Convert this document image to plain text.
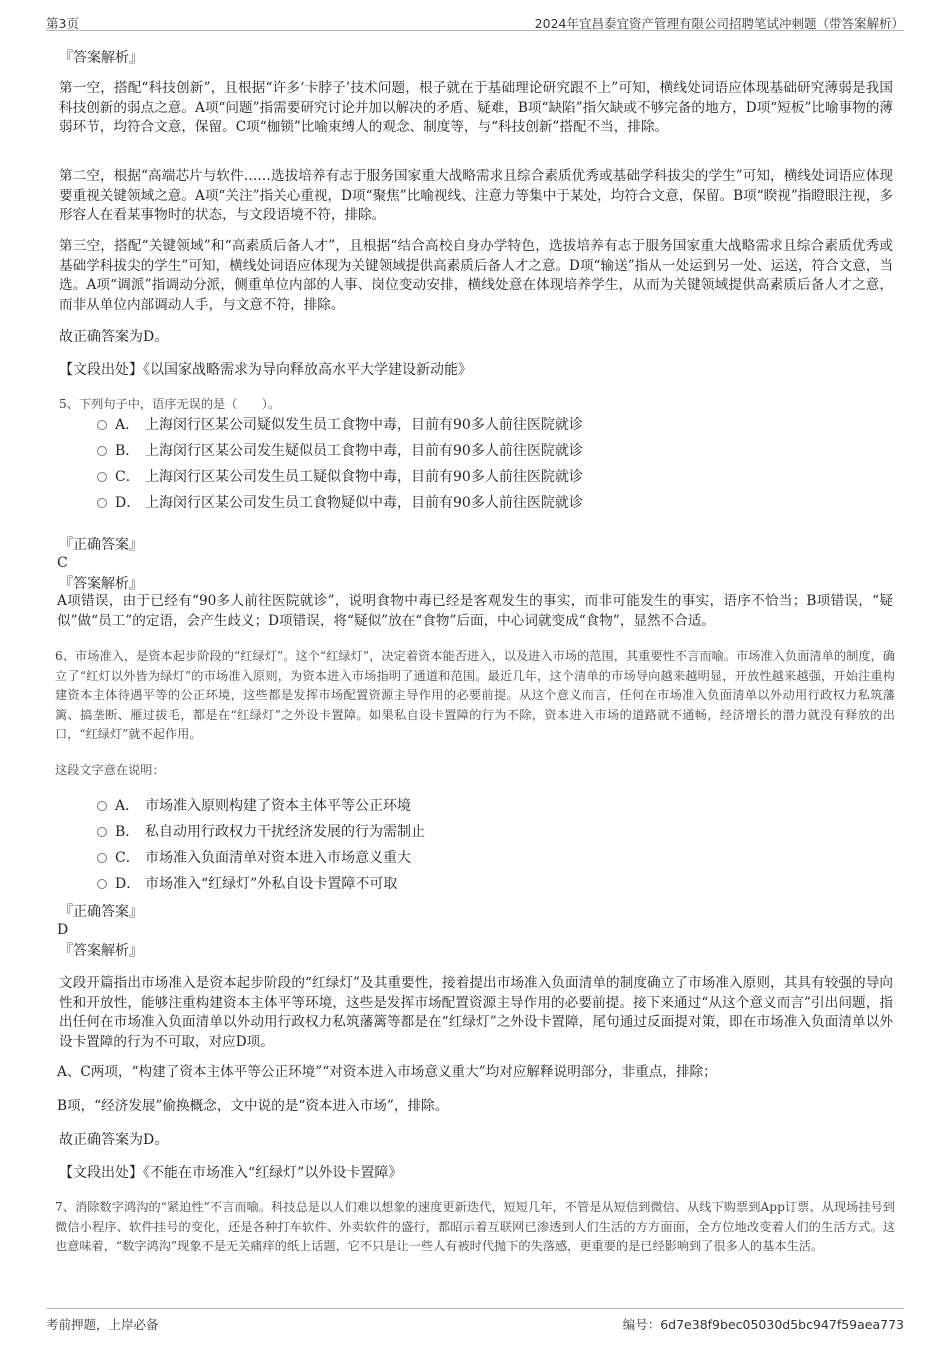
第3页	2024年宜昌泰宜资产管理有限公司招聘笔试冲刺题（带答案解析）
『答案解析』
第一空，搭配“科技创新”，且根据“许多‘卡脖子’技术问题，根子就在于基础理论研究跟不上”可知，横线处词语应体现基础研究薄弱是我国科技创新的弱点之意。A项“问题”指需要研究讨论并加以解决的矛盾、疑难，B项“缺陷”指欠缺或不够完备的地方，D项“短板”比喻事物的薄弱环节，均符合文意，保留。C项“枷锁”比喻束缚人的观念、制度等，与“科技创新”搭配不当，排除。
第二空，根据“高端芯片与软件……选拔培养有志于服务国家重大战略需求且综合素质优秀或基础学科拔尖的学生”可知，横线处词语应体现要重视关键领域之意。A项“关注”指关心重视，D项“聚焦”比喻视线、注意力等集中于某处，均符合文意，保留。B项“睽视”指瞪眼注视，多形容人在看某事物时的状态，与文段语境不符，排除。
第三空，搭配“关键领域”和“高素质后备人才”，且根据“结合高校自身办学特色，选拔培养有志于服务国家重大战略需求且综合素质优秀或基础学科拔尖的学生”可知，横线处词语应体现为关键领域提供高素质后备人才之意。D项“输送”指从一处运到另一处、运送，符合文意，当选。A项“调派”指调动分派，侧重单位内部的人事、岗位变动安排，横线处意在体现培养学生，从而为关键领域提供高素质后备人才之意，而非从单位内部调动人手，与文意不符，排除。
故正确答案为D。
【文段出处】《以国家战略需求为导向释放高水平大学建设新动能》
5、下列句子中，语序无误的是（　　）。
A． 上海闵行区某公司疑似发生员工食物中毒，目前有90多人前往医院就诊
B． 上海闵行区某公司发生疑似员工食物中毒，目前有90多人前往医院就诊
C． 上海闵行区某公司发生员工疑似食物中毒，目前有90多人前往医院就诊
D． 上海闵行区某公司发生员工食物疑似中毒，目前有90多人前往医院就诊
『正确答案』
C
『答案解析』
A项错误，由于已经有“90多人前往医院就诊”，说明食物中毒已经是客观发生的事实，而非可能发生的事实，语序不恰当；B项错误，“疑似”做“员工”的定语，会产生歧义；D项错误，将“疑似”放在“食物”后面，中心词就变成“食物”，显然不合适。
6、市场准入，是资本起步阶段的“红绿灯”。这个“红绿灯”，决定着资本能否进入，以及进入市场的范围，其重要性不言而喻。市场准入负面清单的制度，确立了“红灯以外皆为绿灯”的市场准入原则，为资本进入市场指明了通道和范围。最近几年，这个清单的市场导向越来越明显，开放性越来越强，开始注重构建资本主体待遇平等的公正环境，这些都是发挥市场配置资源主导作用的必要前提。从这个意义而言，任何在市场准入负面清单以外动用行政权力私筑藩篱、搞垄断、雁过拔毛，都是在“红绿灯”之外设卡置障。如果私自设卡置障的行为不除，资本进入市场的道路就不通畅，经济增长的潜力就没有释放的出口，“红绿灯”就不起作用。
这段文字意在说明：
A． 市场准入原则构建了资本主体平等公正环境
B． 私自动用行政权力干扰经济发展的行为需制止
C． 市场准入负面清单对资本进入市场意义重大
D． 市场准入“红绿灯”外私自设卡置障不可取
『正确答案』
D
『答案解析』
文段开篇指出市场准入是资本起步阶段的“红绿灯”及其重要性，接着提出市场准入负面清单的制度确立了市场准入原则，其具有较强的导向性和开放性，能够注重构建资本主体平等环境，这些是发挥市场配置资源主导作用的必要前提。接下来通过“从这个意义而言”引出问题，指出任何在市场准入负面清单以外动用行政权力私筑藩篱等都是在“红绿灯”之外设卡置障，尾句通过反面提对策，即在市场准入负面清单以外设卡置障的行为不可取，对应D项。
A、C两项，“构建了资本主体平等公正环境”“对资本进入市场意义重大”均对应解释说明部分，非重点，排除；
B项，“经济发展”偷换概念，文中说的是“资本进入市场”，排除。
故正确答案为D。
【文段出处】《不能在市场准入“红绿灯”以外设卡置障》
7、消除数字鸿沟的“紧迫性”不言而喻。科技总是以人们难以想象的速度更新迭代，短短几年，不管是从短信到微信、从线下购票到App订票、从现场挂号到微信小程序、软件挂号的变化，还是各种打车软件、外卖软件的盛行，都昭示着互联网已渗透到人们生活的方方面面，全方位地改变着人们的生活方式。这也意味着，“数字鸿沟”现象不是无关痛痒的纸上话题，它不只是让一些人有被时代抛下的失落感，更重要的是已经影响到了很多人的基本生活。
考前押题，上岸必备	编号：6d7e38f9bec05030d5bc947f59aea773
